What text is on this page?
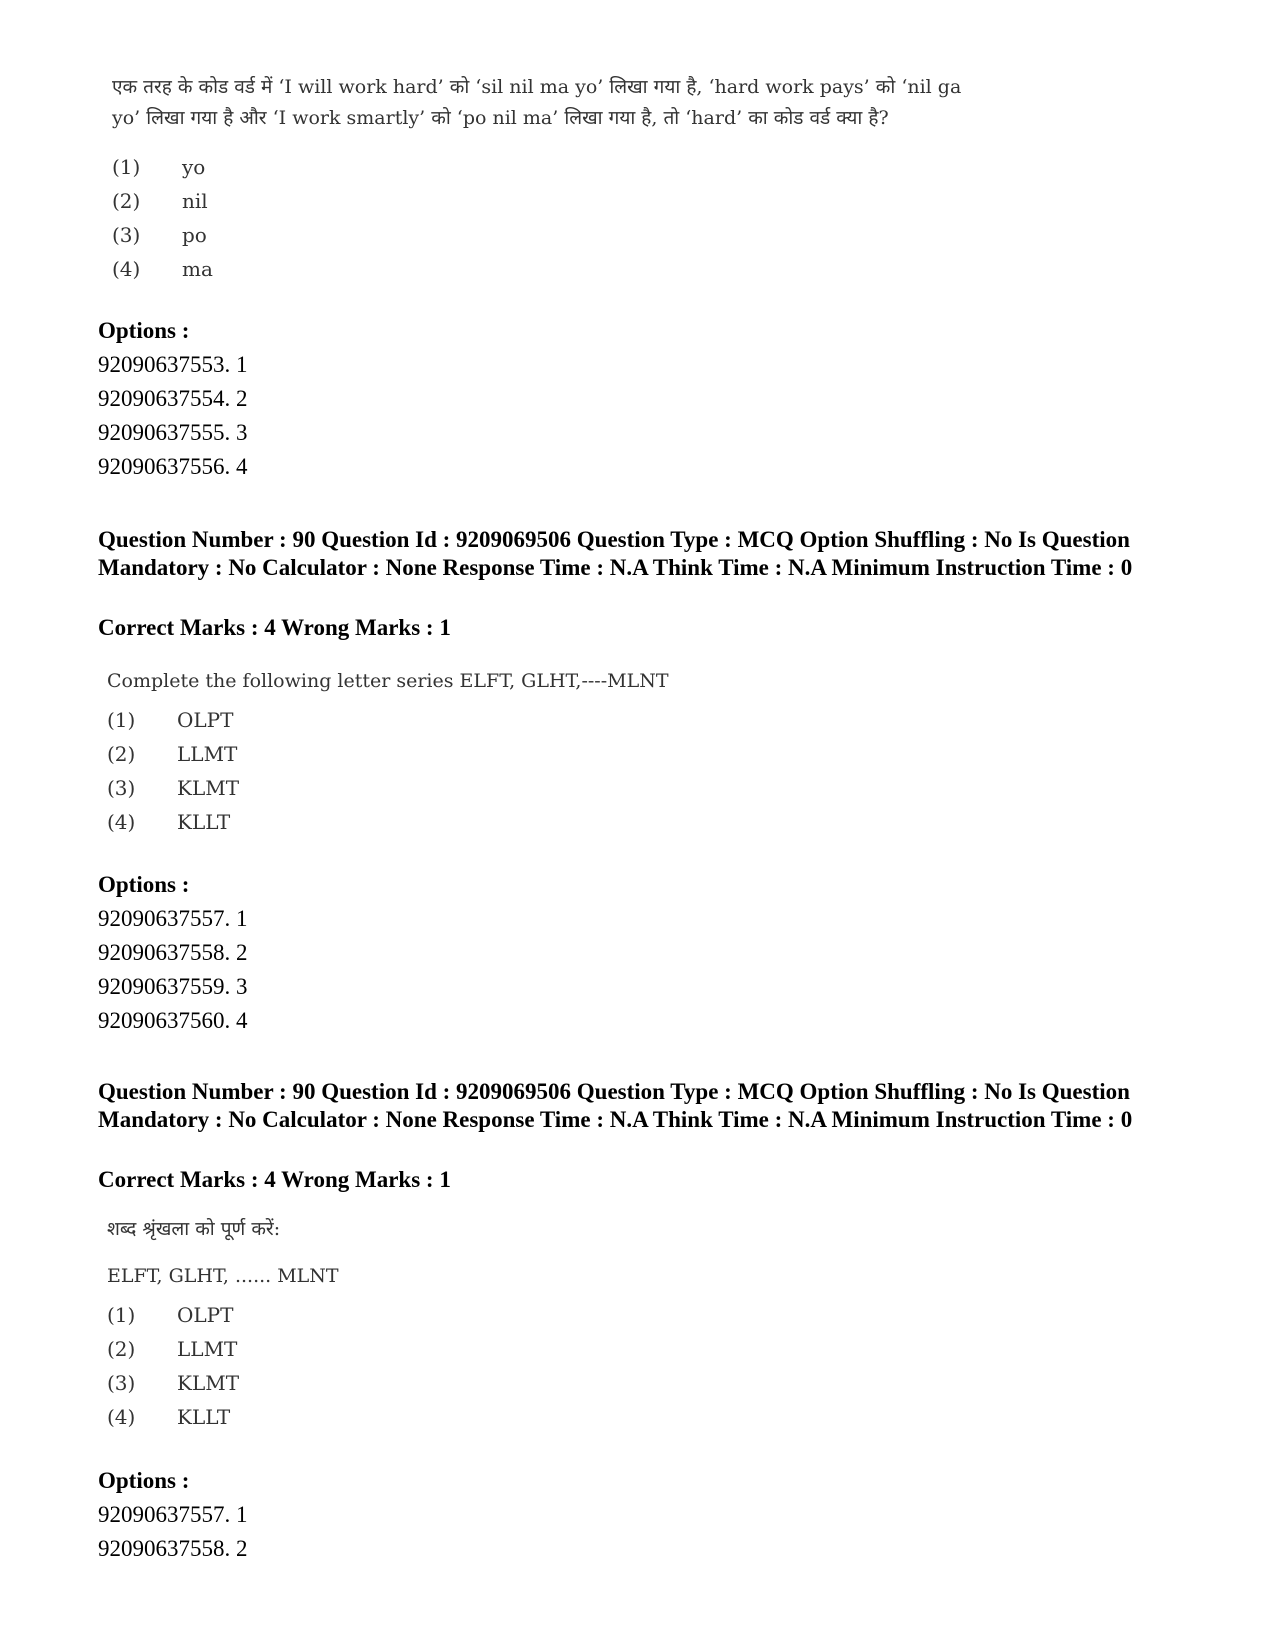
एक तरह के कोड वर्ड में ‘I will work hard’ को ‘sil nil ma yo’ लिखा गया है, ‘hard work pays’ को ‘nil ga

yo’ लिखा गया है और ‘I work smartly’ को ‘po nil ma’ लिखा गया है, तो ‘hard’ का कोड वर्ड क्या है?

(1)	yo
(2)	nil
(3)	po
(4)	ma
Options :
92090637553. 1
92090637554. 2
92090637555. 3
92090637556. 4
Question Number : 90 Question Id : 9209069506 Question Type : MCQ Option Shuffling : No Is Question Mandatory : No Calculator : None Response Time : N.A Think Time : N.A Minimum Instruction Time : 0
Correct Marks : 4 Wrong Marks : 1

Complete the following letter series ELFT, GLHT,----MLNT

(1)	OLPT
(2)	LLMT
(3)	KLMT
(4)	KLLT
Options :
92090637557. 1
92090637558. 2
92090637559. 3
92090637560. 4
Question Number : 90 Question Id : 9209069506 Question Type : MCQ Option Shuffling : No Is Question Mandatory : No Calculator : None Response Time : N.A Think Time : N.A Minimum Instruction Time : 0
Correct Marks : 4 Wrong Marks : 1

शब्द श्रृंखला को पूर्ण करें:

ELFT, GLHT, ...... MLNT

(1)	OLPT
(2)	LLMT
(3)	KLMT
(4)	KLLT
Options :
92090637557. 1
92090637558. 2
